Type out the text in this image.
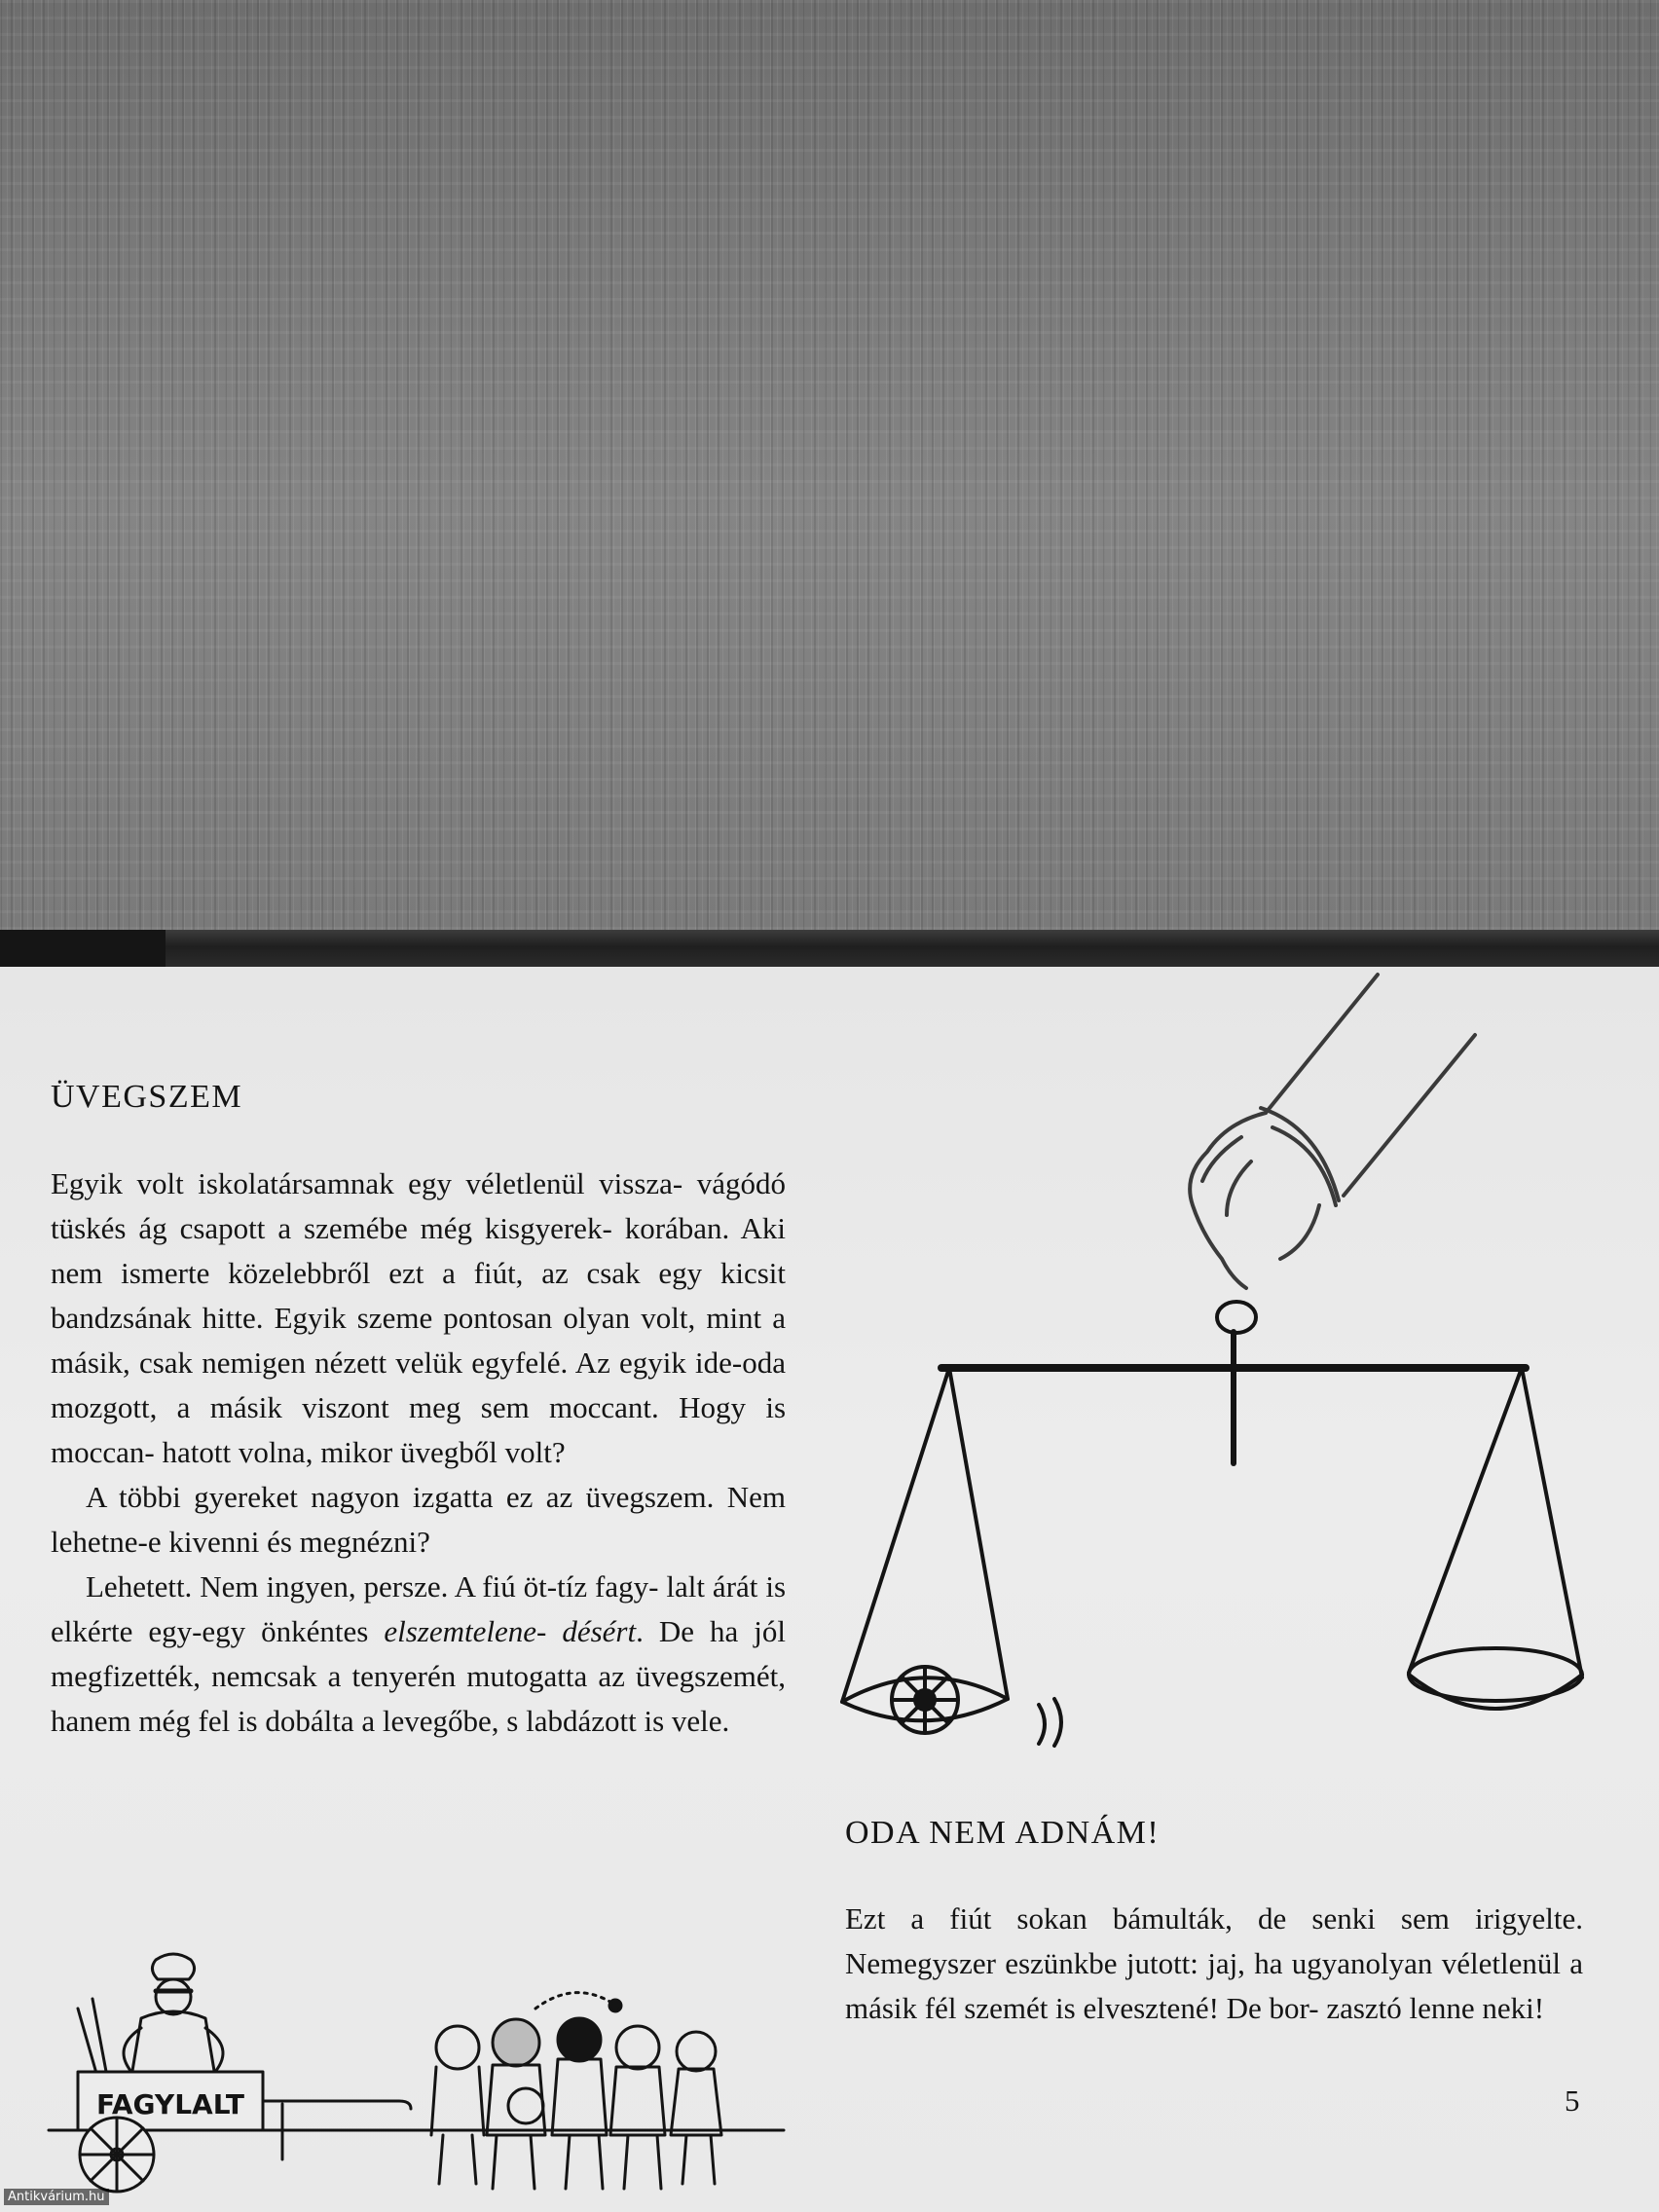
ÜVEGSZEM

Egyik volt iskolatársamnak egy véletlenül vissza- vágódó tüskés ág csapott a szemébe még kisgyerek- korában. Aki nem ismerte közelebbről ezt a fiút, az csak egy kicsit bandzsának hitte. Egyik szeme pontosan olyan volt, mint a másik, csak nemigen nézett velük egyfelé. Az egyik ide-oda mozgott, a másik viszont meg sem moccant. Hogy is moccan- hatott volna, mikor üvegből volt?

A többi gyereket nagyon izgatta ez az üvegszem. Nem lehetne-e kivenni és megnézni?

Lehetett. Nem ingyen, persze. A fiú öt-tíz fagy- lalt árát is elkérte egy-egy önkéntes elszemtelene- désért. De ha jól megfizették, nemcsak a tenyerén mutogatta az üvegszemét, hanem még fel is dobálta a levegőbe, s labdázott is vele.

FAGYLALT
ODA NEM ADNÁM!

Ezt a fiút sokan bámulták, de senki sem irigyelte. Nemegyszer eszünkbe jutott: jaj, ha ugyanolyan véletlenül a másik fél szemét is elvesztené! De bor- zasztó lenne neki!

5
Antikvárium.hu
